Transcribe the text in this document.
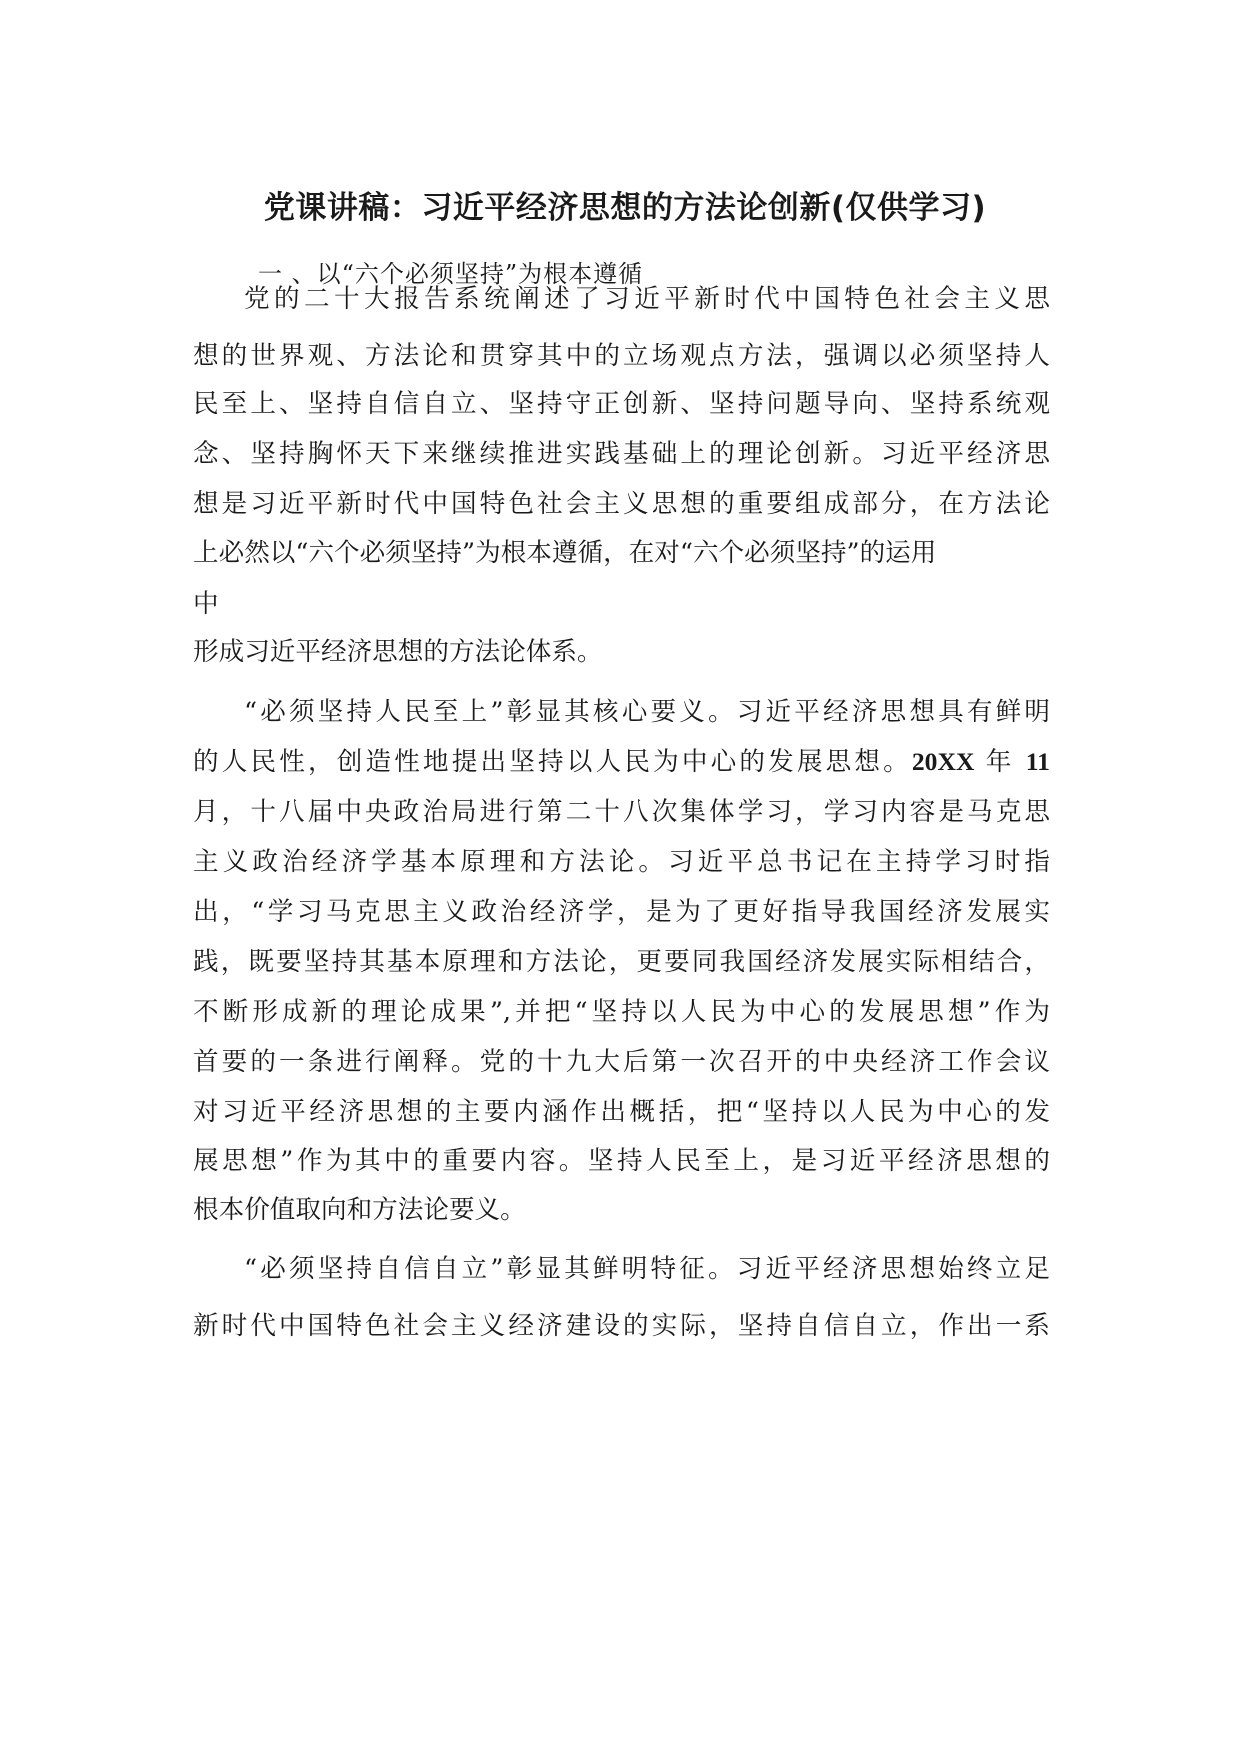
党课讲稿：习近平经济思想的方法论创新(仅供学习)
一 、以“六个必须坚持”为根本遵循
党的二十大报告系统阐述了习近平新时代中国特色社会主义思
想的世界观、方法论和贯穿其中的立场观点方法，强调以必须坚持人
民至上、坚持自信自立、坚持守正创新、坚持问题导向、坚持系统观
念、坚持胸怀天下来继续推进实践基础上的理论创新。习近平经济思
想是习近平新时代中国特色社会主义思想的重要组成部分，在方法论
上必然以“六个必须坚持”为根本遵循，在对“六个必须坚持”的运用
中
形成习近平经济思想的方法论体系。
“必须坚持人民至上”彰显其核心要义。习近平经济思想具有鲜明
的人民性，创造性地提出坚持以人民为中心的发展思想。20XX 年 11
月，十八届中央政治局进行第二十八次集体学习，学习内容是马克思
主义政治经济学基本原理和方法论。习近平总书记在主持学习时指
出，“学习马克思主义政治经济学，是为了更好指导我国经济发展实
践，既要坚持其基本原理和方法论，更要同我国经济发展实际相结合，
不断形成新的理论成果”,并把“坚持以人民为中心的发展思想”作为
首要的一条进行阐释。党的十九大后第一次召开的中央经济工作会议
对习近平经济思想的主要内涵作出概括，把“坚持以人民为中心的发
展思想”作为其中的重要内容。坚持人民至上，是习近平经济思想的
根本价值取向和方法论要义。
“必须坚持自信自立”彰显其鲜明特征。习近平经济思想始终立足
新时代中国特色社会主义经济建设的实际，坚持自信自立，作出一系
